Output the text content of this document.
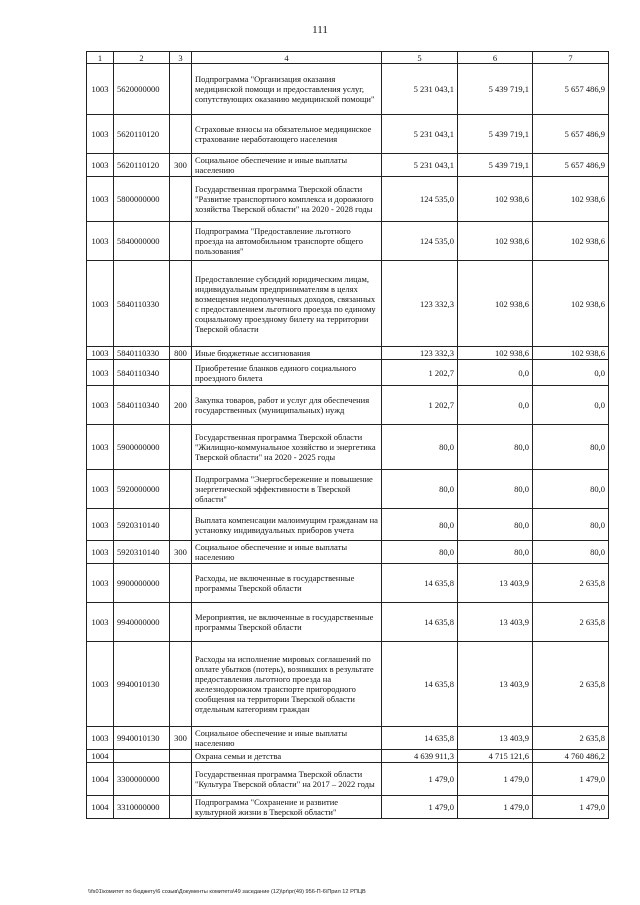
111
1	2	3	4	5	6	7
1003	5620000000		Подпрограмма "Организация оказания медицинской помощи и предоставления услуг, сопутствующих оказанию медицинской помощи"	5 231 043,1	5 439 719,1	5 657 486,9
1003	5620110120		Страховые взносы на обязательное медицинское страхование неработающего населения	5 231 043,1	5 439 719,1	5 657 486,9
1003	5620110120	300	Социальное обеспечение и иные выплаты населению	5 231 043,1	5 439 719,1	5 657 486,9
1003	5800000000		Государственная программа Тверской области "Развитие транспортного комплекса и дорожного хозяйства Тверской области" на 2020 - 2028 годы	124 535,0	102 938,6	102 938,6
1003	5840000000		Подпрограмма "Предоставление льготного проезда на автомобильном транспорте общего пользования"	124 535,0	102 938,6	102 938,6
1003	5840110330		Предоставление субсидий юридическим лицам, индивидуальным предпринимателям в целях возмещения недополученных доходов, связанных с предоставлением льготного проезда по единому социальному проездному билету на территории Тверской области	123 332,3	102 938,6	102 938,6
1003	5840110330	800	Иные бюджетные ассигнования	123 332,3	102 938,6	102 938,6
1003	5840110340		Приобретение бланков единого социального проездного билета	1 202,7	0,0	0,0
1003	5840110340	200	Закупка товаров, работ и услуг для обеспечения государственных (муниципальных) нужд	1 202,7	0,0	0,0
1003	5900000000		Государственная программа Тверской области "Жилищно-коммунальное хозяйство и энергетика Тверской области" на 2020 - 2025 годы	80,0	80,0	80,0
1003	5920000000		Подпрограмма "Энергосбережение и повышение энергетической эффективности в Тверской области"	80,0	80,0	80,0
1003	5920310140		Выплата компенсации малоимущим гражданам на установку индивидуальных приборов учета	80,0	80,0	80,0
1003	5920310140	300	Социальное обеспечение и иные выплаты населению	80,0	80,0	80,0
1003	9900000000		Расходы, не включенные в государственные программы Тверской области	14 635,8	13 403,9	2 635,8
1003	9940000000		Мероприятия, не включенные в государственные программы Тверской области	14 635,8	13 403,9	2 635,8
1003	9940010130		Расходы на исполнение мировых соглашений по оплате убытков (потерь), возникших в результате предоставления льготного проезда на железнодорожном транспорте пригородного сообщения на территории Тверской области отдельным категориям граждан	14 635,8	13 403,9	2 635,8
1003	9940010130	300	Социальное обеспечение и иные выплаты населению	14 635,8	13 403,9	2 635,8
1004			Охрана семьи и детства	4 639 911,3	4 715 121,6	4 760 486,2
1004	3300000000		Государственная программа Тверской области "Культура Тверской области" на 2017 – 2022 годы	1 479,0	1 479,0	1 479,0
1004	3310000000		Подпрограмма "Сохранение и развитие культурной жизни в Тверской области"	1 479,0	1 479,0	1 479,0
\\fs01\комитет по бюджету\6 созыв\Документы комитета\49 заседание (12)\pr\pr(49) 956-П-6\Прил 12 РПЦВ
